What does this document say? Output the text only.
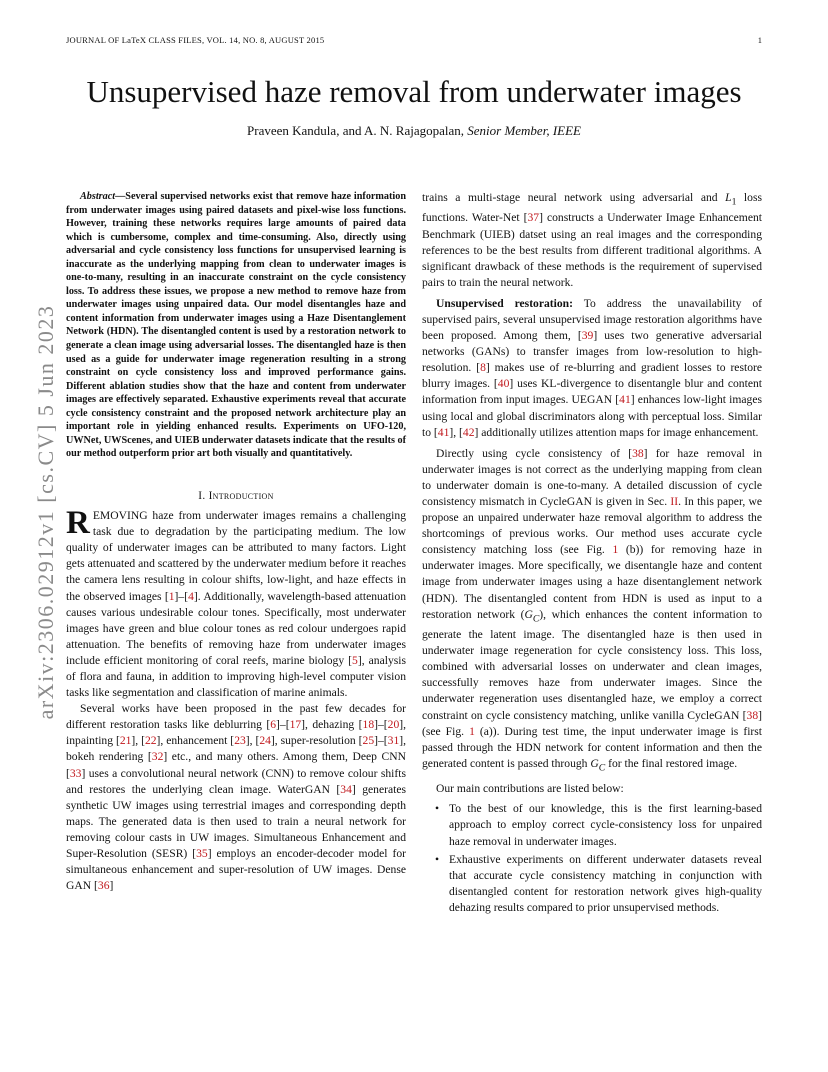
JOURNAL OF LaTeX CLASS FILES, VOL. 14, NO. 8, AUGUST 2015	1
Unsupervised haze removal from underwater images
Praveen Kandula, and A. N. Rajagopalan, Senior Member, IEEE
arXiv:2306.02912v1 [cs.CV] 5 Jun 2023

Abstract—Several supervised networks exist that remove haze information from underwater images using paired datasets and pixel-wise loss functions. However, training these networks requires large amounts of paired data which is cumbersome, complex and time-consuming. Also, directly using adversarial and cycle consistency loss functions for unsupervised learning is inaccurate as the underlying mapping from clean to underwater images is one-to-many, resulting in an inaccurate constraint on the cycle consistency loss. To address these issues, we propose a new method to remove haze from underwater images using unpaired data. Our model disentangles haze and content information from underwater images using a Haze Disentanglement Network (HDN). The disentangled content is used by a restoration network to generate a clean image using adversarial losses. The disentangled haze is then used as a guide for underwater image regeneration resulting in a strong constraint on cycle consistency loss and improved performance gains. Different ablation studies show that the haze and content from underwater images are effectively separated. Exhaustive experiments reveal that accurate cycle consistency constraint and the proposed network architecture play an important role in yielding enhanced results. Experiments on UFO-120, UWNet, UWScenes, and UIEB underwater datasets indicate that the results of our method outperform prior art both visually and quantitatively.

I. Introduction

REMOVING haze from underwater images remains a challenging task due to degradation by the participating medium. The low quality of underwater images can be attributed to many factors. Light gets attenuated and scattered by the underwater medium before it reaches the camera lens resulting in colour shifts, low-light, and haze effects in the observed images [1]–[4]. Additionally, wavelength-based attenuation causes various undesirable colour tones. Specifically, most underwater images have green and blue colour tones as red colour undergoes rapid attenuation. The benefits of removing haze from underwater images include efficient monitoring of coral reefs, marine biology [5], analysis of flora and fauna, in addition to improving high-level computer vision tasks like segmentation and classification of marine animals.

Several works have been proposed in the past few decades for different restoration tasks like deblurring [6]–[17], dehazing [18]–[20], inpainting [21], [22], enhancement [23], [24], super-resolution [25]–[31], bokeh rendering [32] etc., and many others. Among them, Deep CNN [33] uses a convolutional neural network (CNN) to remove colour shifts and restores the underlying clean image. WaterGAN [34] generates synthetic UW images using terrestrial images and corresponding depth maps. The generated data is then used to train a neural network for removing colour casts in UW images. Simultaneous Enhancement and Super-Resolution (SESR) [35] employs an encoder-decoder model for simultaneous enhancement and super-resolution of UW images. Dense GAN [36]

trains a multi-stage neural network using adversarial and $L_1$ loss functions. Water-Net [37] constructs a Underwater Image Enhancement Benchmark (UIEB) datset using an real images and the corresponding references to be the best results from different traditional algorithms. A significant drawback of these methods is the requirement of supervised pairs to train the neural network.

Unsupervised restoration: To address the unavailability of supervised pairs, several unsupervised image restoration algorithms have been proposed. Among them, [39] uses two generative adversarial networks (GANs) to transfer images from low-resolution to high-resolution. [8] makes use of re-blurring and gradient losses to restore blurry images. [40] uses KL-divergence to disentangle blur and content information from input images. UEGAN [41] enhances low-light images using local and global discriminators along with perceptual loss. Similar to [41], [42] additionally utilizes attention maps for image enhancement.

Directly using cycle consistency of [38] for haze removal in underwater images is not correct as the underlying mapping from clean to underwater domain is one-to-many. A detailed discussion of cycle consistency mismatch in CycleGAN is given in Sec. II. In this paper, we propose an unpaired underwater haze removal algorithm to address the shortcomings of previous works. Our method uses accurate cycle consistency matching loss (see Fig. 1 (b)) for removing haze in underwater images. More specifically, we disentangle haze and content image from underwater images using a haze disentanglement network (HDN). The disentangled content from HDN is used as input to a restoration network $(G_C)$, which enhances the content information to generate the latent image. The disentangled haze is then used in underwater image regeneration for cycle consistency loss. This loss, combined with adversarial losses on underwater and clean images, successfully removes haze from underwater images. Since the underwater regeneration uses disentangled haze, we employ a correct constraint on cycle consistency matching, unlike vanilla CycleGAN [38] (see Fig. 1 (a)). During test time, the input underwater image is first passed through the HDN network for content information and then the generated content is passed through $G_C$ for the final restored image.

Our main contributions are listed below:

• To the best of our knowledge, this is the first learning-based approach to employ correct cycle-consistency loss for unpaired haze removal in underwater images.
• Exhaustive experiments on different underwater datasets reveal that accurate cycle consistency matching in conjunction with disentangled content for restoration network gives high-quality dehazing results compared to prior unsupervised methods.
